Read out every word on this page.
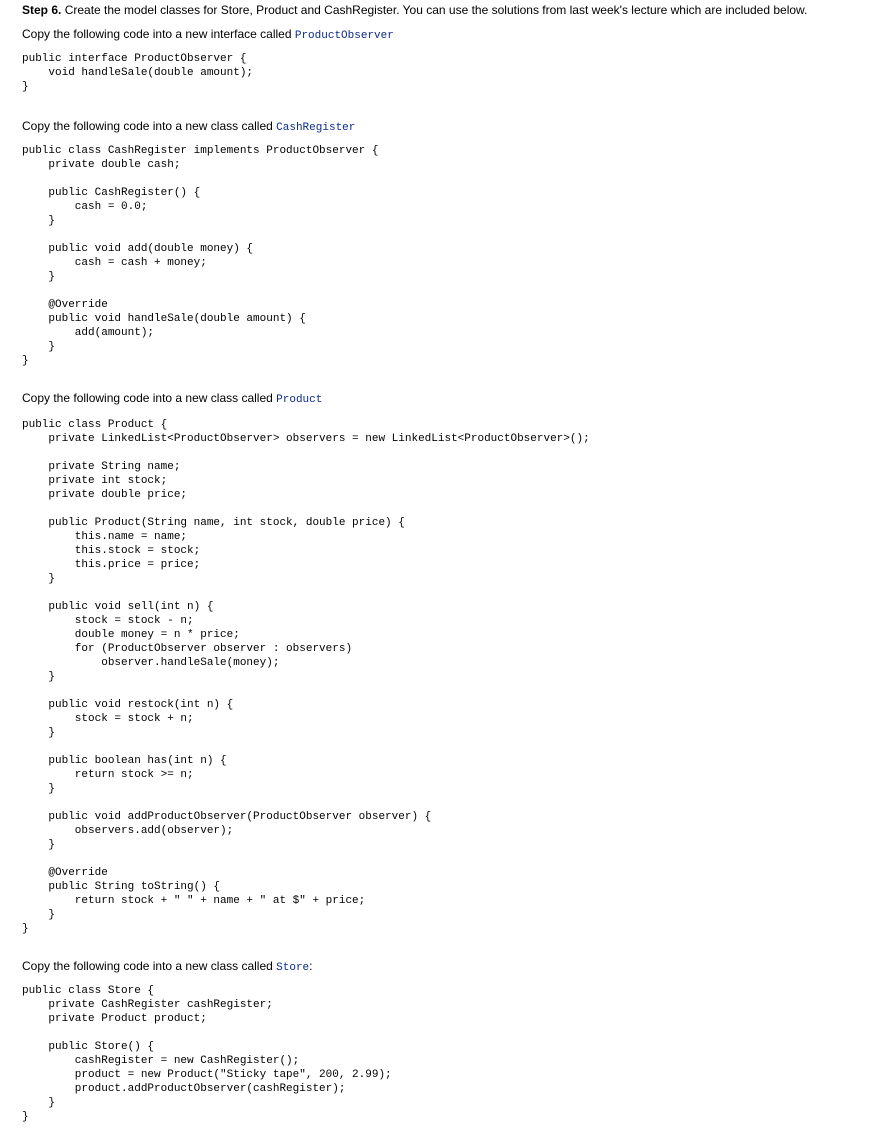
Step 6. Create the model classes for Store, Product and CashRegister. You can use the solutions from last week's lecture which are included below.

Copy the following code into a new interface called ProductObserver

public interface ProductObserver {
void handleSale(double amount);
}

Copy the following code into a new class called CashRegister

public class CashRegister implements ProductObserver {
private double cash;

public CashRegister() {
cash = 0.0;
}

public void add(double money) {
cash = cash + money;
}

@Override
public void handleSale(double amount) {
add(amount);
}
}

Copy the following code into a new class called Product

public class Product {
private LinkedList<ProductObserver> observers = new LinkedList<ProductObserver>();

private String name;
private int stock;
private double price;

public Product(String name, int stock, double price) {
this.name = name;
this.stock = stock;
this.price = price;
}

public void sell(int n) {
stock = stock - n;
double money = n * price;
for (ProductObserver observer : observers)
observer.handleSale(money);
}

public void restock(int n) {
stock = stock + n;
}

public boolean has(int n) {
return stock >= n;
}

public void addProductObserver(ProductObserver observer) {
observers.add(observer);
}

@Override
public String toString() {
return stock + " " + name + " at $" + price;
}
}

Copy the following code into a new class called Store:

public class Store {
private CashRegister cashRegister;
private Product product;

public Store() {
cashRegister = new CashRegister();
product = new Product("Sticky tape", 200, 2.99);
product.addProductObserver(cashRegister);
}
}
